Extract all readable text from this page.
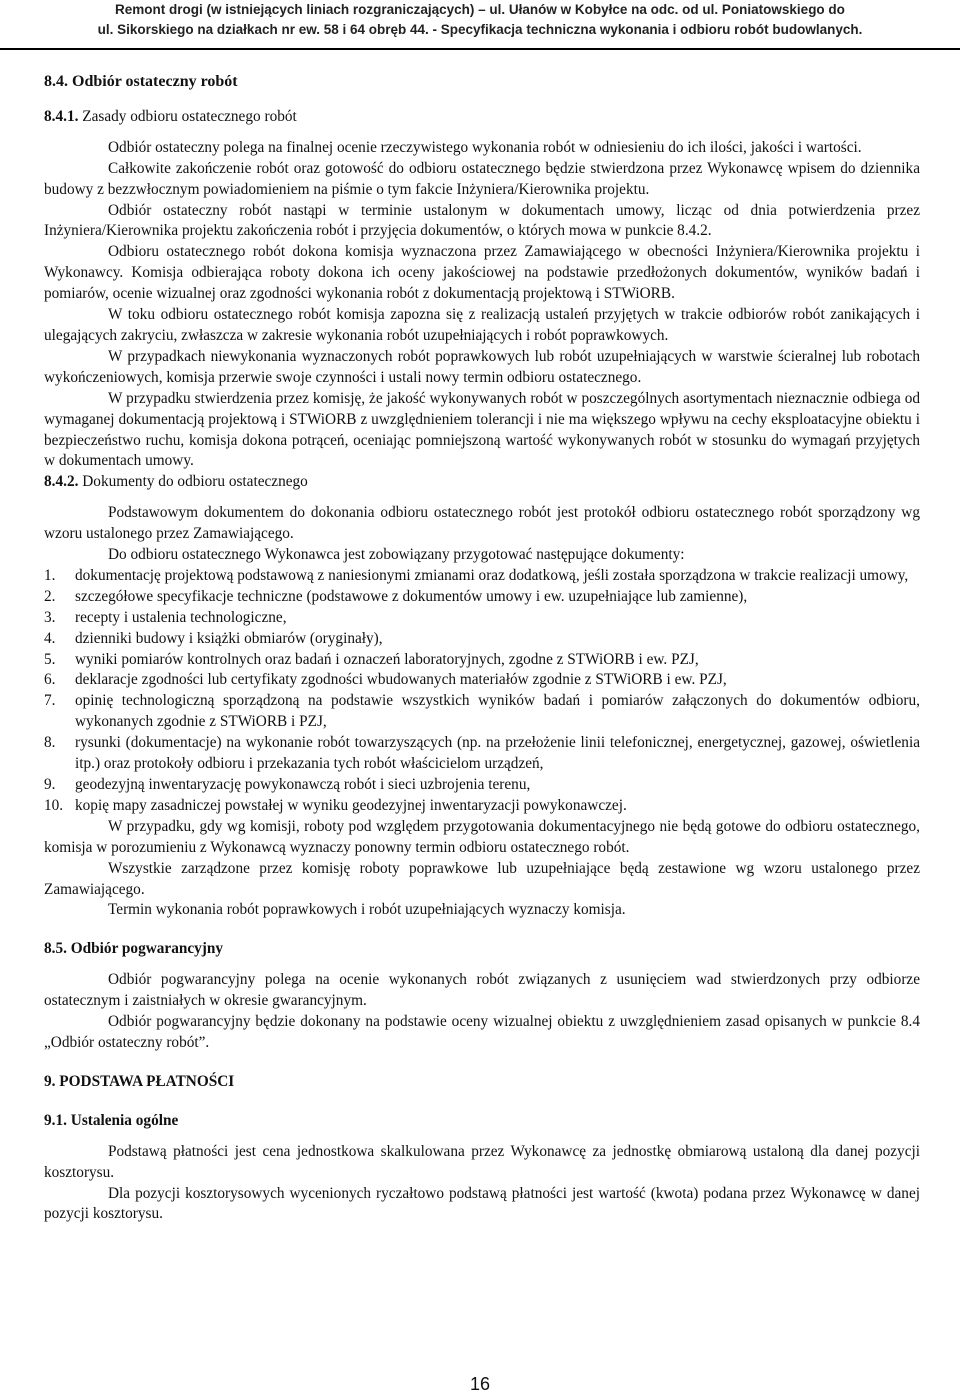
Remont drogi (w istniejących liniach rozgraniczających) – ul. Ułanów w Kobyłce na odc. od ul. Poniatowskiego do
ul. Sikorskiego na działkach nr ew. 58 i 64 obręb 44. - Specyfikacja techniczna wykonania i odbioru robót budowlanych.

8.4. Odbiór ostateczny robót

8.4.1. Zasady odbioru ostatecznego robót

Odbiór ostateczny polega na finalnej ocenie rzeczywistego wykonania robót w odniesieniu do ich ilości, jakości i wartości.

Całkowite zakończenie robót oraz gotowość do odbioru ostatecznego będzie stwierdzona przez Wykonawcę wpisem do dziennika budowy z bezzwłocznym powiadomieniem na piśmie o tym fakcie Inżyniera/Kierownika projektu.

Odbiór ostateczny robót nastąpi w terminie ustalonym w dokumentach umowy, licząc od dnia potwierdzenia przez Inżyniera/Kierownika projektu zakończenia robót i przyjęcia dokumentów, o których mowa w punkcie 8.4.2.

Odbioru ostatecznego robót dokona komisja wyznaczona przez Zamawiającego w obecności Inżyniera/Kierownika projektu i Wykonawcy. Komisja odbierająca roboty dokona ich oceny jakościowej na podstawie przedłożonych dokumentów, wyników badań i pomiarów, ocenie wizualnej oraz zgodności wykonania robót z dokumentacją projektową i STWiORB.

W toku odbioru ostatecznego robót komisja zapozna się z realizacją ustaleń przyjętych w trakcie odbiorów robót zanikających i ulegających zakryciu, zwłaszcza w zakresie wykonania robót uzupełniających i robót poprawkowych.

W przypadkach niewykonania wyznaczonych robót poprawkowych lub robót uzupełniających w warstwie ścieralnej lub robotach wykończeniowych, komisja przerwie swoje czynności i ustali nowy termin odbioru ostatecznego.

W przypadku stwierdzenia przez komisję, że jakość wykonywanych robót w poszczególnych asortymentach nieznacznie odbiega od wymaganej dokumentacją projektową i STWiORB z uwzględnieniem tolerancji i nie ma większego wpływu na cechy eksploatacyjne obiektu i bezpieczeństwo ruchu, komisja dokona potrąceń, oceniając pomniejszoną wartość wykonywanych robót w stosunku do wymagań przyjętych w dokumentach umowy.

8.4.2. Dokumenty do odbioru ostatecznego

Podstawowym dokumentem do dokonania odbioru ostatecznego robót jest protokół odbioru ostatecznego robót sporządzony wg wzoru ustalonego przez Zamawiającego.

Do odbioru ostatecznego Wykonawca jest zobowiązany przygotować następujące dokumenty:

1. dokumentację projektową podstawową z naniesionymi zmianami oraz dodatkową, jeśli została sporządzona w trakcie realizacji umowy,
2. szczegółowe specyfikacje techniczne (podstawowe z dokumentów umowy i ew. uzupełniające lub zamienne),
3. recepty i ustalenia technologiczne,
4. dzienniki budowy i książki obmiarów (oryginały),
5. wyniki pomiarów kontrolnych oraz badań i oznaczeń laboratoryjnych, zgodne z STWiORB i ew. PZJ,
6. deklaracje zgodności lub certyfikaty zgodności wbudowanych materiałów zgodnie z STWiORB i ew. PZJ,
7. opinię technologiczną sporządzoną na podstawie wszystkich wyników badań i pomiarów załączonych do dokumentów odbioru, wykonanych zgodnie z STWiORB i PZJ,
8. rysunki (dokumentacje) na wykonanie robót towarzyszących (np. na przełożenie linii telefonicznej, energetycznej, gazowej, oświetlenia itp.) oraz protokoły odbioru i przekazania tych robót właścicielom urządzeń,
9. geodezyjną inwentaryzację powykonawczą robót i sieci uzbrojenia terenu,
10. kopię mapy zasadniczej powstałej w wyniku geodezyjnej inwentaryzacji powykonawczej.

W przypadku, gdy wg komisji, roboty pod względem przygotowania dokumentacyjnego nie będą gotowe do odbioru ostatecznego, komisja w porozumieniu z Wykonawcą wyznaczy ponowny termin odbioru ostatecznego robót.

Wszystkie zarządzone przez komisję roboty poprawkowe lub uzupełniające będą zestawione wg wzoru ustalonego przez Zamawiającego.

Termin wykonania robót poprawkowych i robót uzupełniających wyznaczy komisja.

8.5. Odbiór pogwarancyjny

Odbiór pogwarancyjny polega na ocenie wykonanych robót związanych z usunięciem wad stwierdzonych przy odbiorze ostatecznym i zaistniałych w okresie gwarancyjnym.

Odbiór pogwarancyjny będzie dokonany na podstawie oceny wizualnej obiektu z uwzględnieniem zasad opisanych w punkcie 8.4 „Odbiór ostateczny robót”.

9. PODSTAWA PŁATNOŚCI

9.1. Ustalenia ogólne

Podstawą płatności jest cena jednostkowa skalkulowana przez Wykonawcę za jednostkę obmiarową ustaloną dla danej pozycji kosztorysu.

Dla pozycji kosztorysowych wycenionych ryczałtowo podstawą płatności jest wartość (kwota) podana przez Wykonawcę w danej pozycji kosztorysu.

16
